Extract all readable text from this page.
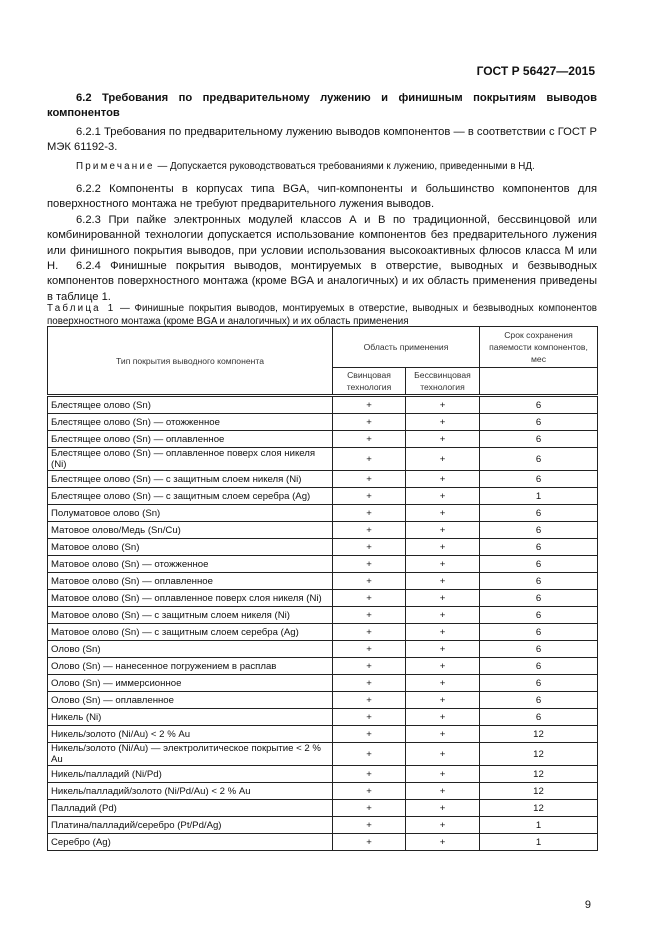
ГОСТ Р 56427—2015
6.2 Требования по предварительному лужению и финишным покрытиям выводов компонентов
6.2.1 Требования по предварительному лужению выводов компонентов — в соответствии с ГОСТ Р МЭК 61192-3.
Примечание — Допускается руководствоваться требованиями к лужению, приведенными в НД.
6.2.2 Компоненты в корпусах типа BGA, чип-компоненты и большинство компонентов для поверхностного монтажа не требуют предварительного лужения выводов.
6.2.3 При пайке электронных модулей классов А и В по традиционной, бессвинцовой или комбинированной технологии допускается использование компонентов без предварительного лужения или финишного покрытия выводов, при условии использования высокоактивных флюсов класса М или Н.	6.2.4 Финишные покрытия выводов, монтируемых в отверстие, выводных и безвыводных компонентов поверхностного монтажа (кроме BGA и аналогичных) и их область применения приведены в таблице 1.
Таблица 1 — Финишные покрытия выводов, монтируемых в отверстие, выводных и безвыводных компонентов поверхностного монтажа (кроме BGA и аналогичных) и их область применения
Тип покрытия выводного компонента	Область применения		Срок сохранения паяемости компонентов, мес
	Свинцовая технология	Бессвинцовая технология	
Блестящее олово (Sn)	+	+	6
Блестящее олово (Sn) — отожженное	+	+	6
Блестящее олово (Sn) — оплавленное	+	+	6
Блестящее олово (Sn) — оплавленное поверх слоя никеля (Ni)	+	+	6
Блестящее олово (Sn) — с защитным слоем никеля (Ni)	+	+	6
Блестящее олово (Sn) — с защитным слоем серебра (Ag)	+	+	1
Полуматовое олово (Sn)	+	+	6
Матовое олово/Медь (Sn/Cu)	+	+	6
Матовое олово (Sn)	+	+	6
Матовое олово (Sn) — отожженное	+	+	6
Матовое олово (Sn) — оплавленное	+	+	6
Матовое олово (Sn) — оплавленное поверх слоя никеля (Ni)	+	+	6
Матовое олово (Sn) — с защитным слоем никеля (Ni)	+	+	6
Матовое олово (Sn) — с защитным слоем серебра (Ag)	+	+	6
Олово (Sn)	+	+	6
Олово (Sn) — нанесенное погружением в расплав	+	+	6
Олово (Sn) — иммерсионное	+	+	6
Олово (Sn) — оплавленное	+	+	6
Никель (Ni)	+	+	6
Никель/золото (Ni/Au) < 2 % Au	+	+	12
Никель/золото (Ni/Au) — электролитическое покрытие < 2 % Au	+	+	12
Никель/палладий (Ni/Pd)	+	+	12
Никель/палладий/золото (Ni/Pd/Au) < 2 % Au	+	+	12
Палладий (Pd)	+	+	12
Платина/палладий/серебро (Pt/Pd/Ag)	+	+	1
Серебро (Ag)	+	+	1
9
